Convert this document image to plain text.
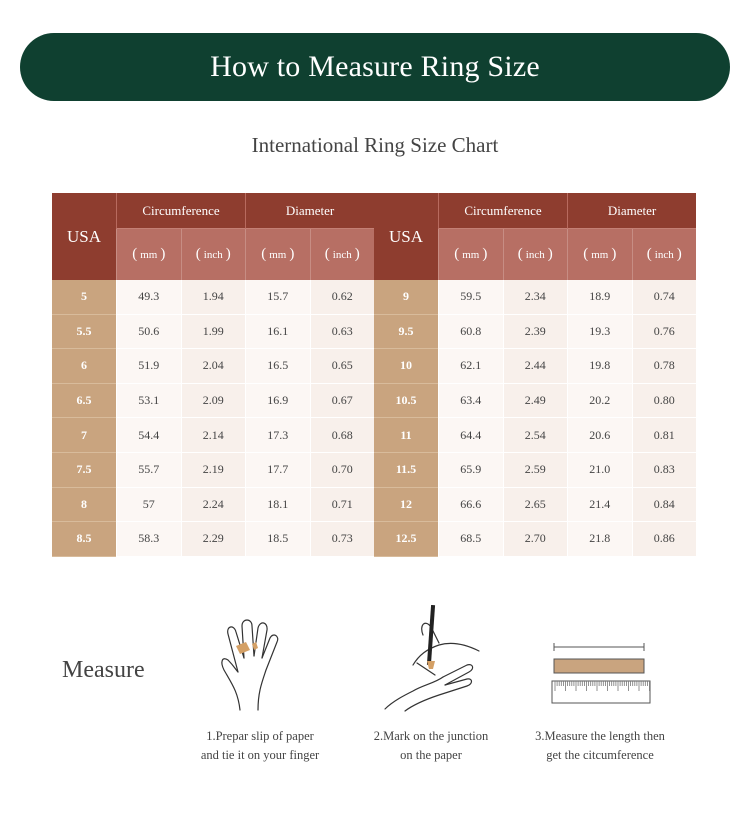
How to Measure Ring Size
International Ring Size Chart
USA	USA
Circumference	Diameter	Circumference	Diameter
( mm ) ( inch ) ( mm ) ( inch )	( mm ) ( inch ) ( mm ) ( inch )
5	49.3	1.94	15.7	0.62	9	59.5	2.34	18.9	0.74
5.5	50.6	1.99	16.1	0.63	9.5	60.8	2.39	19.3	0.76
6	51.9	2.04	16.5	0.65	10	62.1	2.44	19.8	0.78
6.5	53.1	2.09	16.9	0.67	10.5	63.4	2.49	20.2	0.80
7	54.4	2.14	17.3	0.68	11	64.4	2.54	20.6	0.81
7.5	55.7	2.19	17.7	0.70	11.5	65.9	2.59	21.0	0.83
8	57	2.24	18.1	0.71	12	66.6	2.65	21.4	0.84
8.5	58.3	2.29	18.5	0.73	12.5	68.5	2.70	21.8	0.86
Measure
1.Prepar slip of paper
and tie it on your finger
2.Mark on the junction
on the paper
3.Measure the length then
get the citcumference
